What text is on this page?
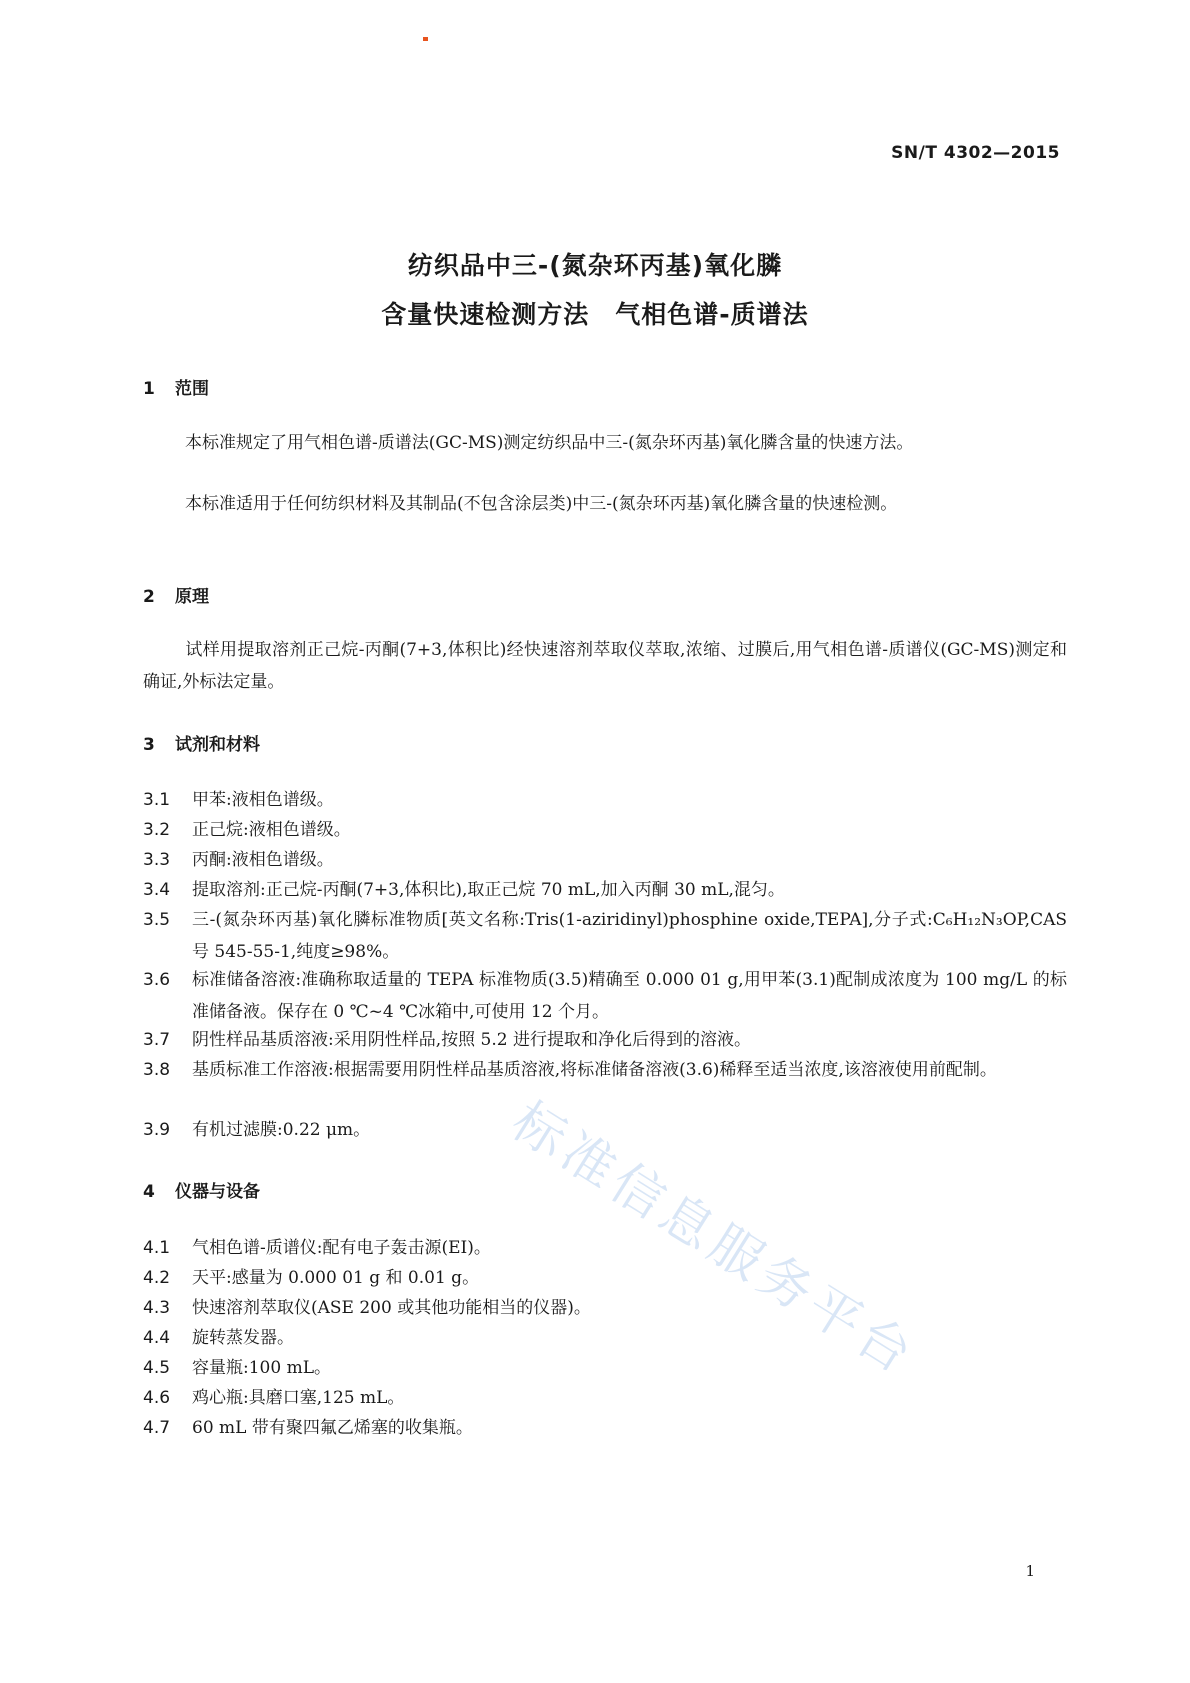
SN/T 4302—2015
纺织品中三-(氮杂环丙基)氧化膦
含量快速检测方法　气相色谱-质谱法
1 范围
本标准规定了用气相色谱-质谱法(GC-MS)测定纺织品中三-(氮杂环丙基)氧化膦含量的快速方法。
本标准适用于任何纺织材料及其制品(不包含涂层类)中三-(氮杂环丙基)氧化膦含量的快速检测。
2 原理
试样用提取溶剂正己烷-丙酮(7+3,体积比)经快速溶剂萃取仪萃取,浓缩、过膜后,用气相色谱-质谱仪(GC-MS)测定和确证,外标法定量。
3 试剂和材料
3.1 甲苯:液相色谱级。
3.2 正己烷:液相色谱级。
3.3 丙酮:液相色谱级。
3.4 提取溶剂:正己烷-丙酮(7+3,体积比),取正己烷 70 mL,加入丙酮 30 mL,混匀。
3.5 三-(氮杂环丙基)氧化膦标准物质[英文名称:Tris(1-aziridinyl)phosphine oxide,TEPA],分子式:C₆H₁₂N₃OP,CAS 号 545-55-1,纯度≥98%。
3.6 标准储备溶液:准确称取适量的 TEPA 标准物质(3.5)精确至 0.000 01 g,用甲苯(3.1)配制成浓度为 100 mg/L 的标准储备液。保存在 0 ℃~4 ℃冰箱中,可使用 12 个月。
3.7 阴性样品基质溶液:采用阴性样品,按照 5.2 进行提取和净化后得到的溶液。
3.8 基质标准工作溶液:根据需要用阴性样品基质溶液,将标准储备溶液(3.6)稀释至适当浓度,该溶液使用前配制。
3.9 有机过滤膜:0.22 μm。
4 仪器与设备
4.1 气相色谱-质谱仪:配有电子轰击源(EI)。
4.2 天平:感量为 0.000 01 g 和 0.01 g。
4.3 快速溶剂萃取仪(ASE 200 或其他功能相当的仪器)。
4.4 旋转蒸发器。
4.5 容量瓶:100 mL。
4.6 鸡心瓶:具磨口塞,125 mL。
4.7 60 mL 带有聚四氟乙烯塞的收集瓶。
标准信息服务平台
1
